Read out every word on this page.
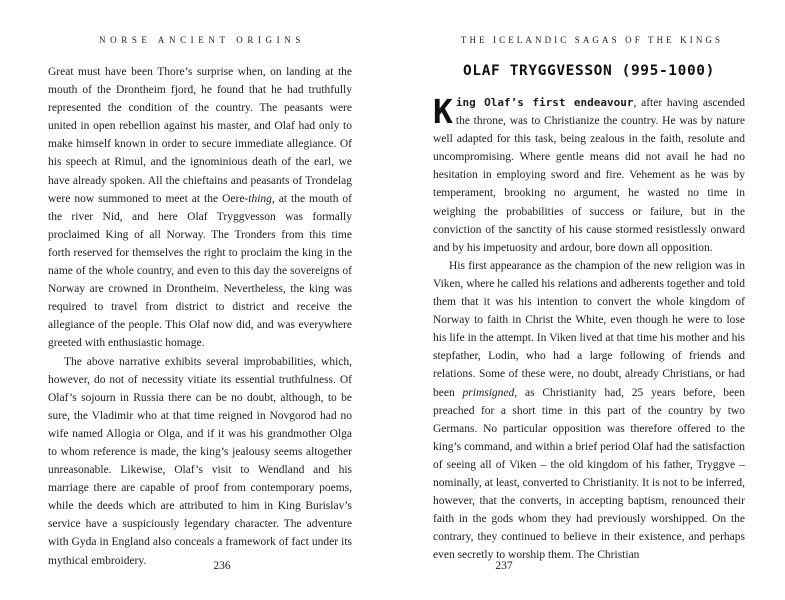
NORSE ANCIENT ORIGINS

Great must have been Thore’s surprise when, on landing at the mouth of the Drontheim fjord, he found that he had truthfully represented the condition of the country. The peasants were united in open rebellion against his master, and Olaf had only to make himself known in order to secure immediate allegiance. Of his speech at Rimul, and the ignominious death of the earl, we have already spoken. All the chieftains and peasants of Trondelag were now summoned to meet at the Oere-thing, at the mouth of the river Nid, and here Olaf Tryggvesson was formally proclaimed King of all Norway. The Tronders from this time forth reserved for themselves the right to proclaim the king in the name of the whole country, and even to this day the sovereigns of Norway are crowned in Drontheim. Nevertheless, the king was required to travel from district to district and receive the allegiance of the people. This Olaf now did, and was everywhere greeted with enthusiastic homage.

The above narrative exhibits several improbabilities, which, however, do not of necessity vitiate its essential truthfulness. Of Olaf’s sojourn in Russia there can be no doubt, although, to be sure, the Vladimir who at that time reigned in Novgorod had no wife named Allogia or Olga, and if it was his grandmother Olga to whom reference is made, the king’s jealousy seems altogether unreasonable. Likewise, Olaf’s visit to Wendland and his marriage there are capable of proof from contemporary poems, while the deeds which are attributed to him in King Burislav’s service have a suspiciously legendary character. The adventure with Gyda in England also conceals a framework of fact under its mythical embroidery.	236
THE ICELANDIC SAGAS OF THE KINGS
OLAF TRYGGVESSON (995-1000)

King Olaf’s first endeavour, after having ascended the throne, was to Christianize the country. He was by nature well adapted for this task, being zealous in the faith, resolute and uncompromising. Where gentle means did not avail he had no hesitation in employing sword and fire. Vehement as he was by temperament, brooking no argument, he wasted no time in weighing the probabilities of success or failure, but in the conviction of the sanctity of his cause stormed resistlessly onward and by his impetuosity and ardour, bore down all opposition.

His first appearance as the champion of the new religion was in Viken, where he called his relations and adherents together and told them that it was his intention to convert the whole kingdom of Norway to faith in Christ the White, even though he were to lose his life in the attempt. In Viken lived at that time his mother and his stepfather, Lodin, who had a large following of friends and relations. Some of these were, no doubt, already Christians, or had been primsigned, as Christianity had, 25 years before, been preached for a short time in this part of the country by two Germans. No particular opposition was therefore offered to the king’s command, and within a brief period Olaf had the satisfaction of seeing all of Viken – the old kingdom of his father, Tryggve – nominally, at least, converted to Christianity. It is not to be inferred, however, that the converts, in accepting baptism, renounced their faith in the gods whom they had previously worshipped. On the contrary, they continued to believe in their existence, and perhaps even secretly to worship them. The Christian

237
